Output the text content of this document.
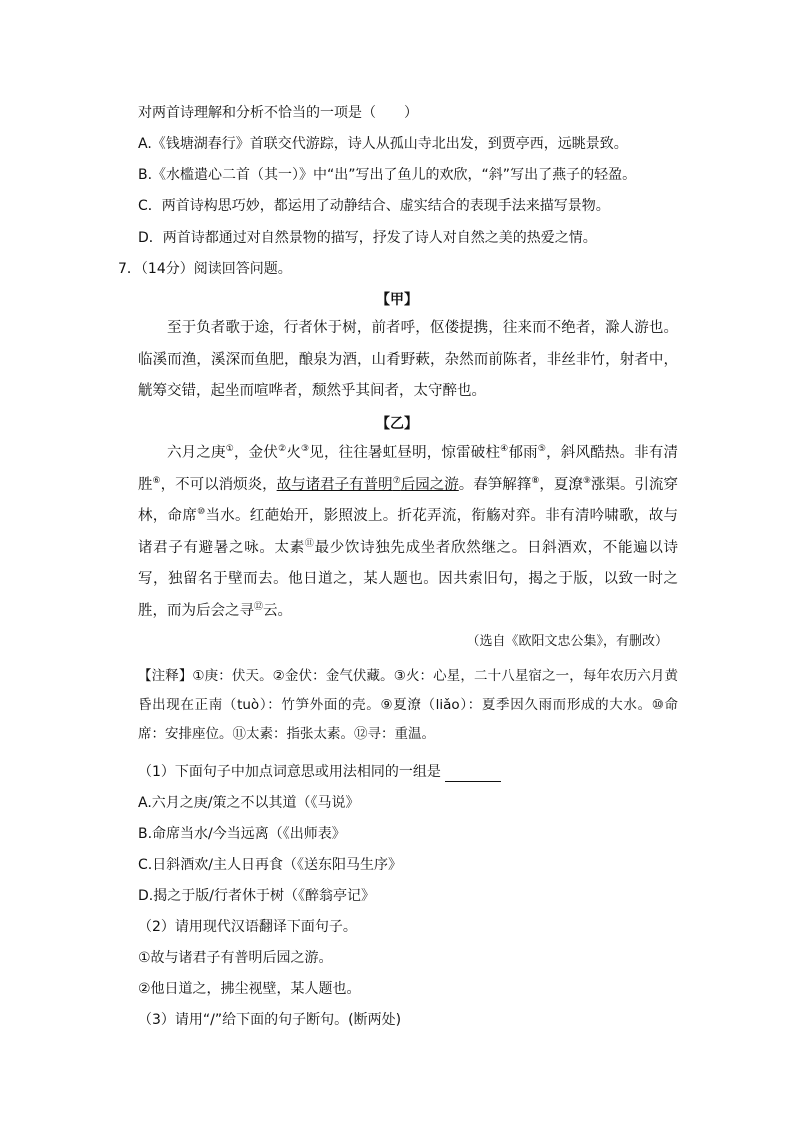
对两首诗理解和分析不恰当的一项是（　　）
A.《钱塘湖春行》首联交代游踪，诗人从孤山寺北出发，到贾亭西，远眺景致。
B.《水槛遣心二首（其一）》中“出”写出了鱼儿的欢欣，“斜”写出了燕子的轻盈。
C．两首诗构思巧妙，都运用了动静结合、虚实结合的表现手法来描写景物。
D．两首诗都通过对自然景物的描写，抒发了诗人对自然之美的热爱之情。
7．（14分）阅读回答问题。
【甲】
至于负者歌于途，行者休于树，前者呼，伛偻提携，往来而不绝者，滁人游也。临溪而渔，溪深而鱼肥，酿泉为酒，山肴野蔌，杂然而前陈者，非丝非竹，射者中，觥筹交错，起坐而喧哗者，颓然乎其间者，太守醉也。
【乙】
六月之庚①，金伏②火③见，往往暑虹昼明，惊雷破柱④郁雨⑤，斜风酷热。非有清胜⑥，不可以消烦炎，故与诸君子有普明⑦后园之游。春笋解箨⑧，夏潦⑨涨渠。引流穿林，命席⑩当水。红葩始开，影照波上。折花弄流，衔觞对弈。非有清吟啸歌，故与诸君子有避暑之咏。太素⑪最少饮诗独先成坐者欣然继之。日斜酒欢，不能遍以诗写，独留名于壁而去。他日道之，某人题也。因共索旧句，揭之于版，以致一时之胜，而为后会之寻⑫云。
（选自《欧阳文忠公集》，有删改）
【注释】①庚：伏天。②金伏：金气伏藏。③火：心星，二十八星宿之一，每年农历六月黄昏出现在正南（tuò）：竹笋外面的壳。⑨夏潦（liǎo）：夏季因久雨而形成的大水。⑩命席：安排座位。⑪太素：指张太素。⑫寻：重温。
（1）下面句子中加点词意思或用法相同的一组是
A.六月之庚/策之不以其道（《马说》
B.命席当水/今当远离（《出师表》
C.日斜酒欢/主人日再食（《送东阳马生序》
D.揭之于版/行者休于树（《醉翁亭记》
（2）请用现代汉语翻译下面句子。
①故与诸君子有普明后园之游。
②他日道之，拂尘视壁，某人题也。
（3）请用“/”给下面的句子断句。(断两处)
